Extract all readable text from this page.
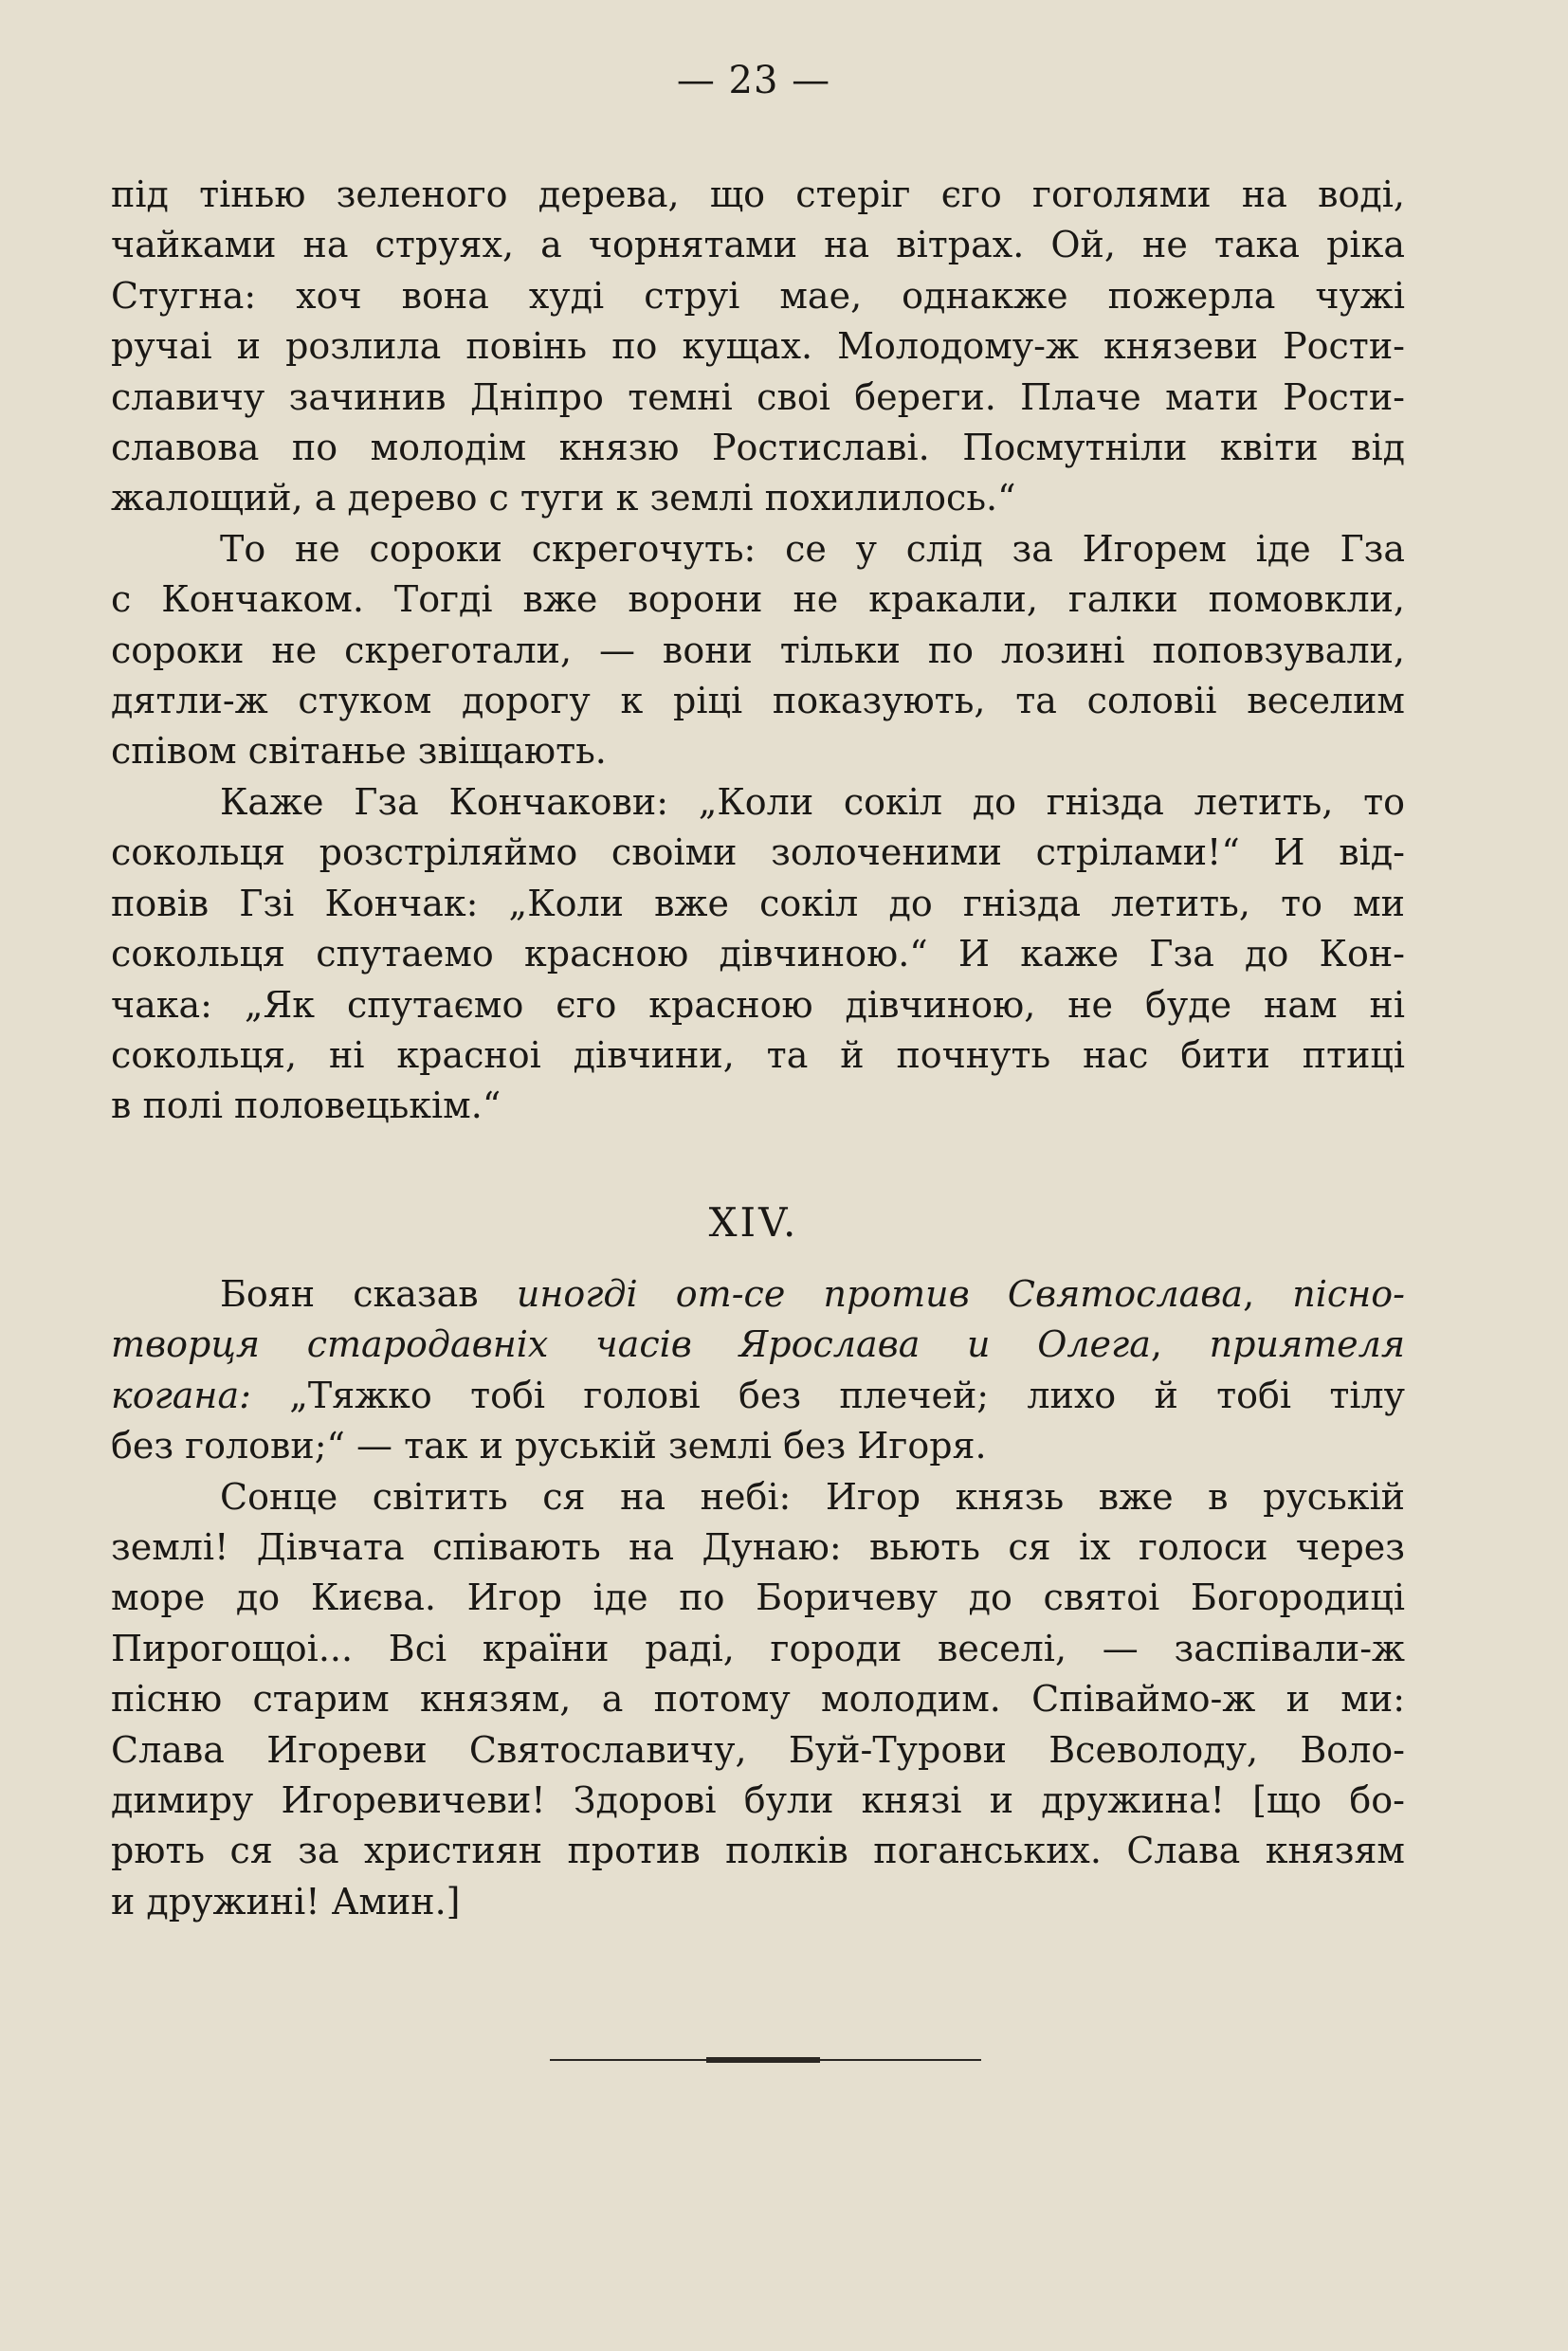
— 23 —
під тінью зеленого дерева, що стеріг єго гоголями на воді,
чайками на струях, а чорнятами на вітрах. Ой, не така ріка
Стугна: хоч вона худі струі мае, однакже пожерла чужі
ручаі и розлила повінь по кущах. Молодому-ж князеви Рости-
славичу зачинив Дніпро темні своі береги. Плаче мати Рости-
славова по молодім князю Ростиславі. Посмутніли квіти від
жалощий, а дерево с туги к землі похилилось.“
То не сороки скрегочуть: се у слід за Игорем іде Гза
с Кончаком. Тогді вже ворони не кракали, галки помовкли,
сороки не скреготали, — вони тільки по лозині поповзували,
дятли-ж стуком дорогу к ріці показують, та соловіі веселим
співом світанье звіщають.
Каже Гза Кончакови: „Коли сокіл до гнізда летить, то
сокольця розстріляймо своіми золоченими стрілами!“ И від-
повів Гзі Кончак: „Коли вже сокіл до гнізда летить, то ми
сокольця спутаемо красною дівчиною.“ И каже Гза до Кон-
чака: „Як спутаємо єго красною дівчиною, не буде нам ні
сокольця, ні красноі дівчини, та й почнуть нас бити птиці
в полі половецькім.“
XIV.
Боян сказав иногді от-се против Святослава, пісно-
творця стародавніх часів Ярослава и Олега, приятеля
когана: „Тяжко тобі голові без плечей; лихо й тобі тілу
без голови;“ — так и руській землі без Игоря.
Сонце світить ся на небі: Игор князь вже в руській
землі! Дівчата співають на Дунаю: вьють ся іх голоси через
море до Києва. Игор іде по Боричеву до святоі Богородиці
Пирогощоі... Всі країни раді, городи веселі, — заспівали-ж
пісню старим князям, а потому молодим. Співаймо-ж и ми:
Слава Игореви Святославичу, Буй-Турови Всеволоду, Воло-
димиру Игоревичеви! Здорові були князі и дружина! [що бо-
рють ся за християн против полків поганських. Слава князям
и дружині! Амин.]
